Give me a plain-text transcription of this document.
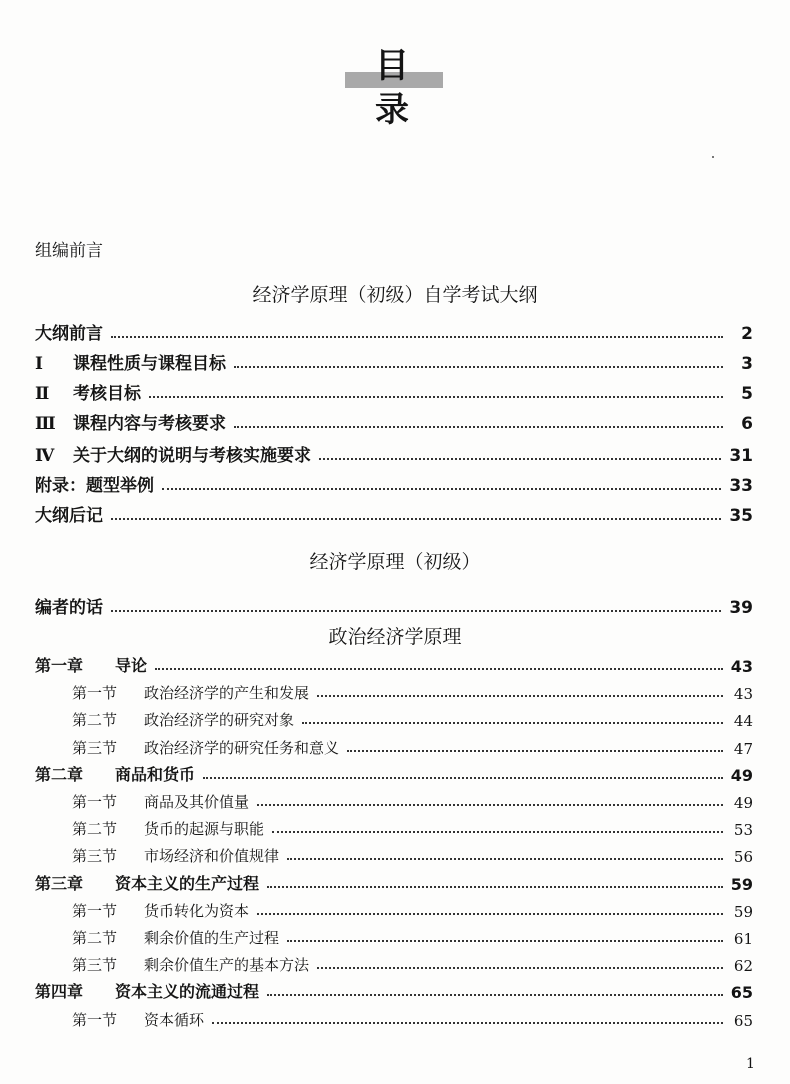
目 录
组编前言
经济学原理（初级）自学考试大纲
大纲前言	2
Ⅰ	课程性质与课程目标	3
Ⅱ	考核目标	5
Ⅲ	课程内容与考核要求	6
Ⅳ	关于大纲的说明与考核实施要求	31
附录：题型举例	33
大纲后记	35
经济学原理（初级）
编者的话	39
政治经济学原理
第一章	导论	43
第一节	政治经济学的产生和发展	43
第二节	政治经济学的研究对象	44
第三节	政治经济学的研究任务和意义	47
第二章	商品和货币	49
第一节	商品及其价值量	49
第二节	货币的起源与职能	53
第三节	市场经济和价值规律	56
第三章	资本主义的生产过程	59
第一节	货币转化为资本	59
第二节	剩余价值的生产过程	61
第三节	剩余价值生产的基本方法	62
第四章	资本主义的流通过程	65
第一节	资本循环	65
1
